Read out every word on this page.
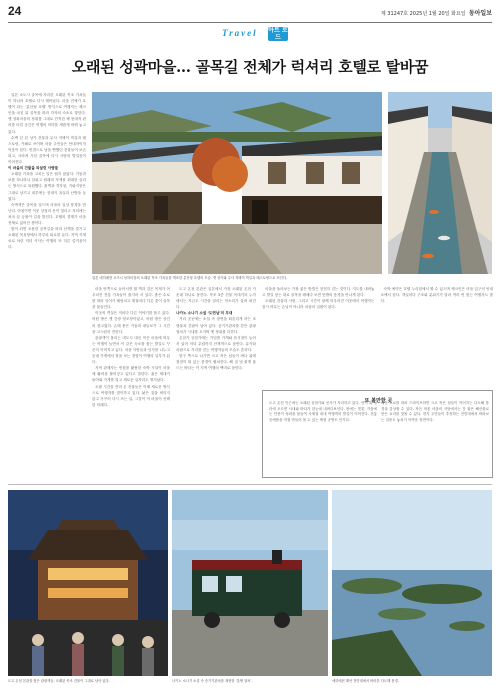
24	제 31247호 2025년 1월 20일 화요일 동아일보
Travel 아트 로드
오래된 성곽마을… 골목길 전체가 럭셔리 호텔로 탈바꿈

일본 소도시 골목에 자리한 오래된 목조 가옥들이 하나의 호텔로 다시 태어났다. 마을 전체가 호텔이 되는 ‘분산형 호텔’ 방식으로 여행자는 체크인을 마친 뒤 골목을 따라 각자의 숙소로 향한다. 옛 성곽마을의 정취를 그대로 간직한 채 현대적 편의를 더한 공간은 여행의 의미를 새롭게 바꿔 놓고 있다.

수백 년 된 상가 건물과 무사 저택이 객실과 레스토랑, 카페로 쓰이며 마을 주민들은 안내자이자 이웃이 된다. 빈집으로 남을 뻔했던 건물들이 보존되고, 사라져 가던 골목에 다시 사람의 발걸음이 이어진다.

이 마을의 건물을 되살린 사람들

오래된 가옥을 고치는 일은 쉽지 않았다. 기둥과 보를 하나하나 살피고 원래의 자재를 최대한 살리는 방식으로 복원했다. 흙벽과 격자창, 기와지붕은 그대로 남기고 내부에는 현대식 욕실과 난방을 들였다.

숙박객은 골목을 걸으며 마을의 일상 풍경을 만난다. 아침이면 이웃 상점의 문이 열리고 저녁에는 처마 끝 등불이 길을 밝힌다. 호텔의 경계가 마을 전체로 넓어진 셈이다.

밤이 되면 조용한 골목길을 따라 산책을 즐기고 오래된 목욕탕에서 하루의 피로를 푼다. 지역 식재료로 차린 저녁 식사는 여행의 또 다른 즐거움이다.

일본 에히메현 오즈시 성하마을의 오래된 목조 가옥들을 개조한 분산형 호텔의 모습. 옛 상가와 무사 저택이 객실과 레스토랑으로 쓰인다.

마을 안쪽으로 들어서면 흰 벽과 검은 목재가 어우러진 전통 가옥들이 줄지어 서 있다. 좁은 수로를 따라 잉어가 헤엄치고 계절마다 다른 꽃이 골목을 물들인다.

이곳의 객실은 저마다 다른 이야기를 품고 있다. 어떤 방은 옛 간장 양조장이었고, 어떤 방은 상인의 창고였다. 손때 묻은 기둥과 대들보가 그 시간을 고스란히 전한다.

관광객이 몰리는 대도시 대신 작은 마을에 머무는 여행이 늘면서 이 같은 숙소를 찾는 발길도 꾸준히 이어지고 있다. 마을 사람들과 인사를 나누고 동네 가게에서 장을 보는 경험이 여행의 일부가 된다.

지역 관계자는 빈집을 활용한 숙박 시설이 마을에 활력을 불어넣고 있다고 말한다. 젊은 세대가 돌아와 가게를 열고 새로운 일자리도 생겨났다.

오랜 시간을 견뎌 온 건물들은 이제 새로운 방식으로 여행자를 맞이하고 있다. 낡은 것을 버리지 않고 가꾸어 다시 쓰는 일, 그것이 이 마을이 선택한 미래다.

도고 온천 본관은 일본에서 가장 오래된 온천 가운데 하나로 꼽힌다. 목조 3층 건물 꼭대기의 누각에서는 지금도 시간을 알리는 북소리가 울려 퍼진다.

나카노 소나기 소설 ‘도련님’의 무대

거리 곳곳에는 소설 속 장면을 떠올리게 하는 조형물과 간판이 남아 있다. 증기기관차를 본뜬 관광 열차가 시내를 오가며 옛 정취를 더한다.

온천가 상점가에는 기념품 가게와 음식점이 늘어서 있어 저녁 무렵까지 산책객으로 붐빈다. 유카타 차림으로 거리를 걷는 여행자들의 모습도 흔하다.

항구 쪽으로 나가면 크고 작은 섬들이 바다 위에 점점이 떠 있는 풍경이 펼쳐진다. 해 질 녘 붉게 물드는 바다는 이 지역 여행의 백미로 꼽힌다.

마을을 둘러보는 가장 좋은 방법은 천천히 걷는 것이다. 지도를 내려놓고 발길 닿는 대로 골목을 헤매다 보면 뜻밖의 풍경을 만나게 된다.

오래된 건물과 사람, 그리고 시간이 함께 어우러진 이곳에서 여행자는 잠시 머무는 손님이 아니라 마을의 일원이 된다.

숙박 예약은 호텔 누리집에서 할 수 있으며 체크인은 마을 입구의 안내소에서 한다. 객실마다 구조와 분위기가 달라 여러 번 찾는 여행자도 많다.

또 볼만한 곳
도고 온천 인근에는 오래된 상점가와 신사가 자리하고 있다. 언덕 위 성터에 오르면 시내와 바다가 한눈에 내려다보인다. 봄에는 벚꽃, 가을에는 단풍이 성곽을 물들여 사계절 내내 여행객의 발길이 이어진다. 전통 공예품을 직접 만들어 볼 수 있는 체험 공방도 인기다.
해안 도로를 따라 드라이브하면 크고 작은 섬들이 이어지는 다도해 풍경을 감상할 수 있다. 작은 어촌 마을의 식당에서는 갓 잡은 해산물로 만든 요리를 맛볼 수 있다. 현지 주민들이 추천하는 전망대에서 바라보는 일몰도 놓치기 아까운 장면이다.
도고 온천 본관을 찾은 관광객들. 오래된 목조 건물이 그대로 남아 있다.	나카노 소나기 소설 속 증기기관차를 재현한 ‘봇짱 열차’.	에히메현 해안 전망대에서 바라본 다도해 풍경.
